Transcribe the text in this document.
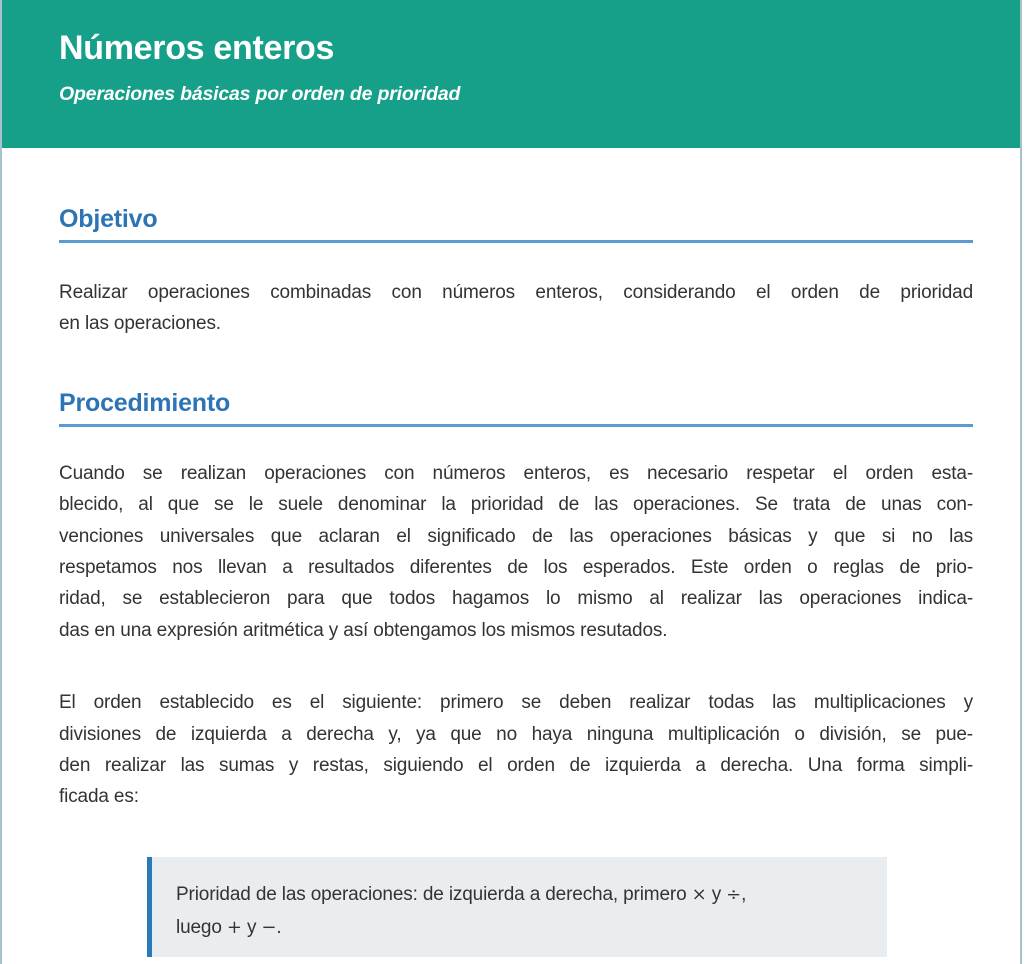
Números enteros
Operaciones básicas por orden de prioridad
Objetivo
Realizar operaciones combinadas con números enteros, considerando el orden de prioridad
en las operaciones.
Procedimiento
Cuando se realizan operaciones con números enteros, es necesario respetar el orden esta-
blecido, al que se le suele denominar la prioridad de las operaciones. Se trata de unas con-
venciones universales que aclaran el significado de las operaciones básicas y que si no las
respetamos nos llevan a resultados diferentes de los esperados. Este orden o reglas de prio-
ridad, se establecieron para que todos hagamos lo mismo al realizar las operaciones indica-
das en una expresión aritmética y así obtengamos los mismos resutados.
El orden establecido es el siguiente: primero se deben realizar todas las multiplicaciones y
divisiones de izquierda a derecha y, ya que no haya ninguna multiplicación o división, se pue-
den realizar las sumas y restas, siguiendo el orden de izquierda a derecha. Una forma simpli-
ficada es:
Prioridad de las operaciones: de izquierda a derecha, primero × y ÷,
luego + y −.
